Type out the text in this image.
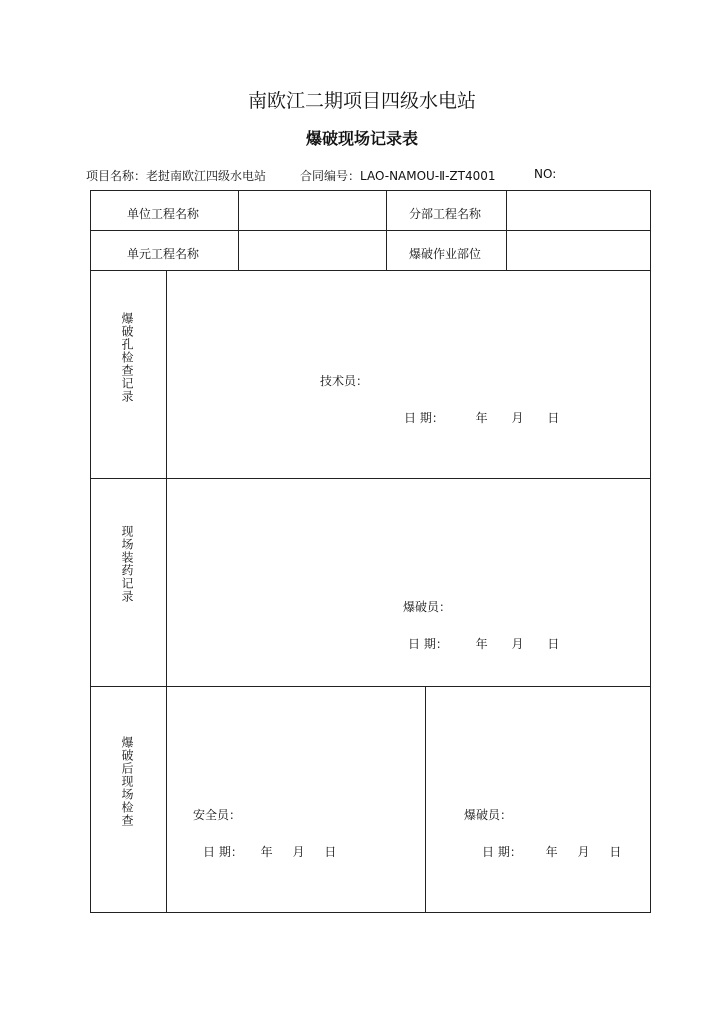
南欧江二期项目四级水电站
爆破现场记录表
项目名称：老挝南欧江四级水电站	合同编号：LAO-NAMOU-Ⅱ-ZT4001	NO:
单位工程名称	分部工程名称
单元工程名称	爆破作业部位
爆破孔检查记录	技术员：
日 期：	年 月 日
现场装药记录
爆破员：
日 期： 年 月 日
爆破后现场检查	安全员：
日 期： 年 月 日
爆破员：
日 期： 年 月 日
